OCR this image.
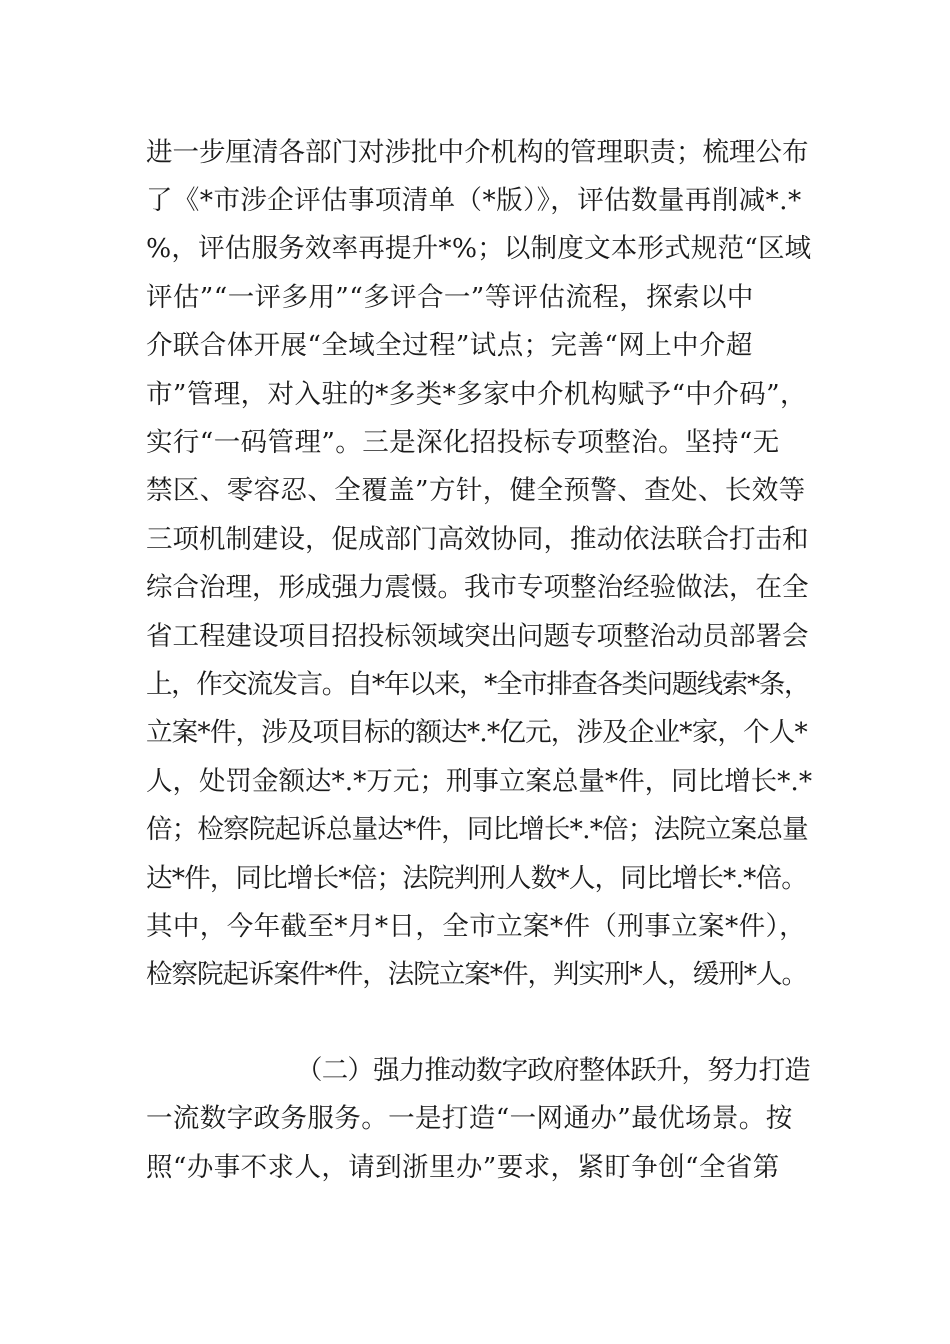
进一步厘清各部门对涉批中介机构的管理职责；梳理公布
了《*市涉企评估事项清单（*版）》，评估数量再削减*.*
%，评估服务效率再提升*%；以制度文本形式规范“区域
评估”“一评多用”“多评合一”等评估流程，探索以中
介联合体开展“全域全过程”试点；完善“网上中介超
市”管理，对入驻的*多类*多家中介机构赋予“中介码”，
实行“一码管理”。三是深化招投标专项整治。坚持“无
禁区、零容忍、全覆盖”方针，健全预警、查处、长效等
三项机制建设，促成部门高效协同，推动依法联合打击和
综合治理，形成强力震慑。我市专项整治经验做法，在全
省工程建设项目招投标领域突出问题专项整治动员部署会
上，作交流发言。自*年以来，*全市排查各类问题线索*条，
立案*件，涉及项目标的额达*.*亿元，涉及企业*家，个人*
人，处罚金额达*.*万元；刑事立案总量*件，同比增长*.*
倍；检察院起诉总量达*件，同比增长*.*倍；法院立案总量
达*件，同比增长*倍；法院判刑人数*人，同比增长*.*倍。
其中，今年截至*月*日，全市立案*件（刑事立案*件），
检察院起诉案件*件，法院立案*件，判实刑*人，缓刑*人。
（二）强力推动数字政府整体跃升，努力打造
一流数字政务服务。一是打造“一网通办”最优场景。按
照“办事不求人，请到浙里办”要求，紧盯争创“全省第
